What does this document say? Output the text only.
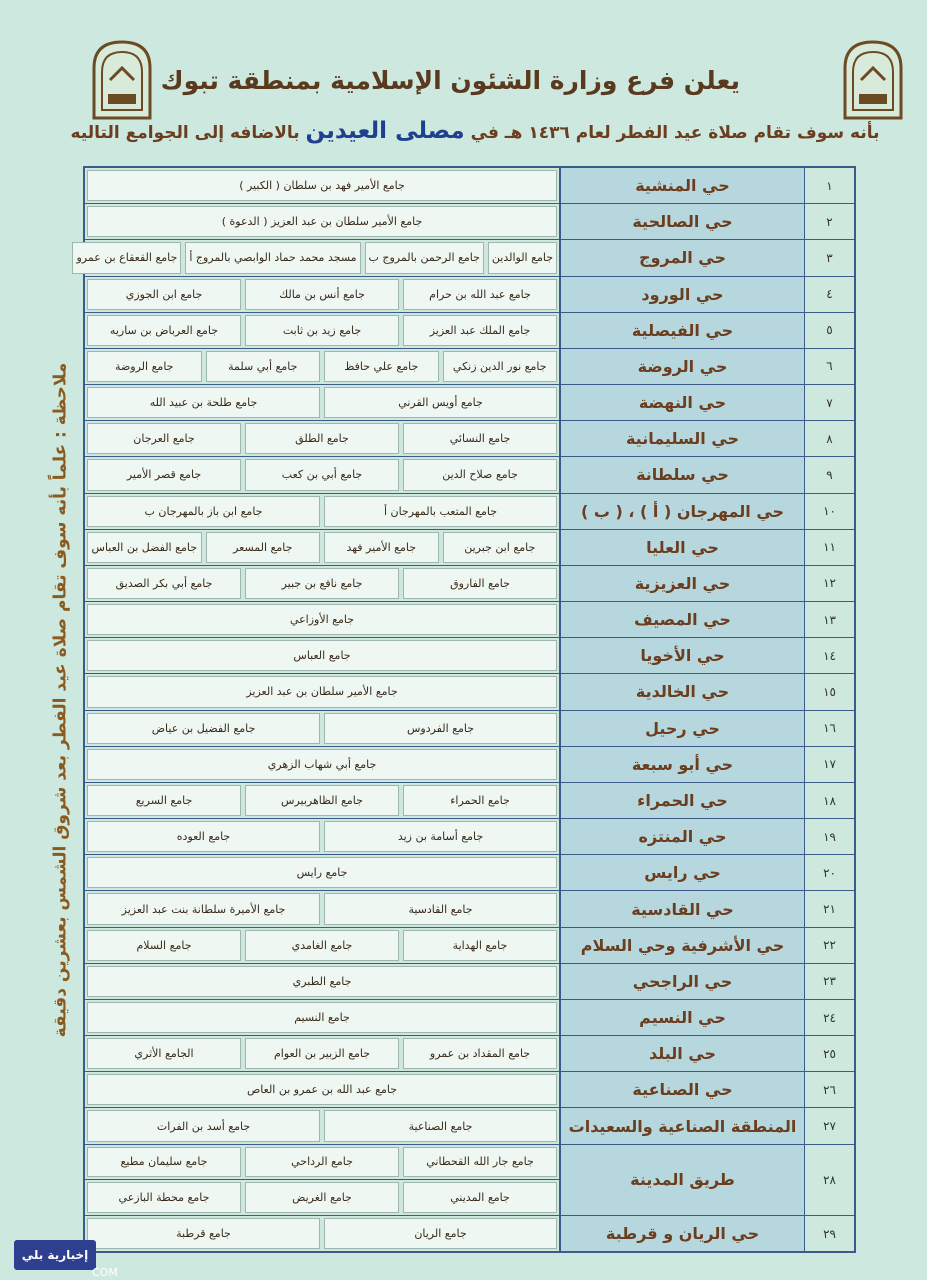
يعلن فرع وزارة الشئون الإسلامية بمنطقة تبوك
بأنه سوف تقام صلاة عيد الفطر لعام ١٤٣٦ هـ في مصلى العيدين بالاضافه إلى الجوامع التاليه
١
حي المنشية
جامع الأمير فهد بن سلطان ( الكبير )
٢
حي الصالحية
جامع الأمير سلطان بن عبد العزيز ( الدعوة )
٣
حي المروج
جامع الوالدين
جامع الرحمن بالمروج ب
مسجد محمد حماد الوابصي بالمروج أ
جامع القعقاع بن عمرو
٤
حي الورود
جامع عبد الله بن حرام
جامع أنس بن مالك
جامع ابن الجوزي
٥
حي الفيصلية
جامع الملك عبد العزيز
جامع زيد بن ثابت
جامع العرباض بن ساريه
٦
حي الروضة
جامع نور الدين زنكي
جامع علي حافظ
جامع أبي سلمة
جامع الروضة
٧
حي النهضة
جامع أويس القرني
جامع طلحة بن عبيد الله
٨
حي السليمانية
جامع النسائي
جامع الطلق
جامع العرجان
٩
حي سلطانة
جامع صلاح الدين
جامع أبي بن كعب
جامع قصر الأمير
١٠
حي المهرجان ( أ ) ، ( ب )
جامع المتعب بالمهرجان أ
جامع ابن باز بالمهرجان ب
١١
حي العليا
جامع ابن جبرين
جامع الأمير فهد
جامع المسعر
جامع الفضل بن العباس
١٢
حي العزيزية
جامع الفاروق
جامع نافع بن جبير
جامع أبي بكر الصديق
١٣
حي المصيف
جامع الأوزاعي
١٤
حي الأخويا
جامع العباس
١٥
حي الخالدية
جامع الأمير سلطان بن عبد العزيز
١٦
حي رحيل
جامع الفردوس
جامع الفضيل بن عياض
١٧
حي أبو سبعة
جامع أبي شهاب الزهري
١٨
حي الحمراء
جامع الحمراء
جامع الظاهربيرس
جامع السريع
١٩
حي المنتزه
جامع أسامة بن زيد
جامع العوده
٢٠
حي رايس
جامع رايس
٢١
حي القادسية
جامع القادسية
جامع الأميرة سلطانة بنت عبد العزيز
٢٢
حي الأشرفية وحي السلام
جامع الهداية
جامع الغامدي
جامع السلام
٢٣
حي الراجحي
جامع الطبري
٢٤
حي النسيم
جامع النسيم
٢٥
حي البلد
جامع المقداد بن عمرو
جامع الزبير بن العوام
الجامع الأثري
٢٦
حي الصناعية
جامع عبد الله بن عمرو بن العاص
٢٧
المنطقة الصناعية والسعيدات
جامع الصناعية
جامع أسد بن الفرات
٢٨
طريق المدينة
جامع جار الله القحطاني
جامع الرداحي
جامع سليمان مطيع
جامع المديني
جامع الغريض
جامع محطة البازعي
٢٩
حي الريان و قرطبة
جامع الريان
جامع قرطبة
ملاحظة : علماً بأنه سوف تقام صلاة عيد الفطر بعد شروق الشمس بعشرين دقيقة
إخبارية بلي
COM
